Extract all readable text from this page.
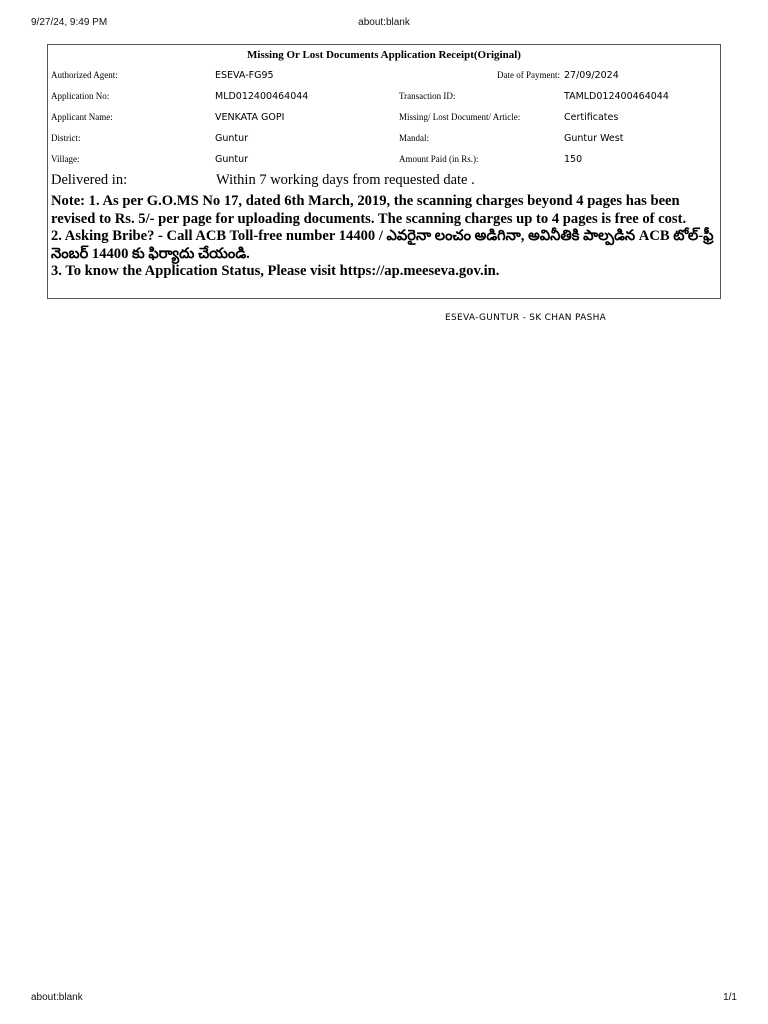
9/27/24, 9:49 PM	about:blank
Missing Or Lost Documents Application Receipt(Original)
Authorized Agent:	ESEVA-FG95	Date of Payment: 27/09/2024
Application No:	MLD012400464044	Transaction ID:	TAMLD012400464044
Applicant Name:	VENKATA GOPI	Missing/ Lost Document/ Article:	Certificates
District:	Guntur	Mandal:	Guntur West
Village:	Guntur	Amount Paid (in Rs.):	150
Delivered in:	Within 7 working days from requested date .

Note: 1. As per G.O.MS No 17, dated 6th March, 2019, the scanning charges beyond 4 pages has been revised to Rs. 5/- per page for uploading documents. The scanning charges up to 4 pages is free of cost.

2. Asking Bribe? - Call ACB Toll-free number 14400 / ఎవరైనా లంచం అడిగినా, అవినీతికి పాల్పడిన ACB టోల్-ఫ్రీ నెంబర్ 14400 కు ఫిర్యాదు చేయండి.

3. To know the Application Status, Please visit https://ap.meeseva.gov.in.

ESEVA-GUNTUR - SK CHAN PASHA
about:blank	1/1
